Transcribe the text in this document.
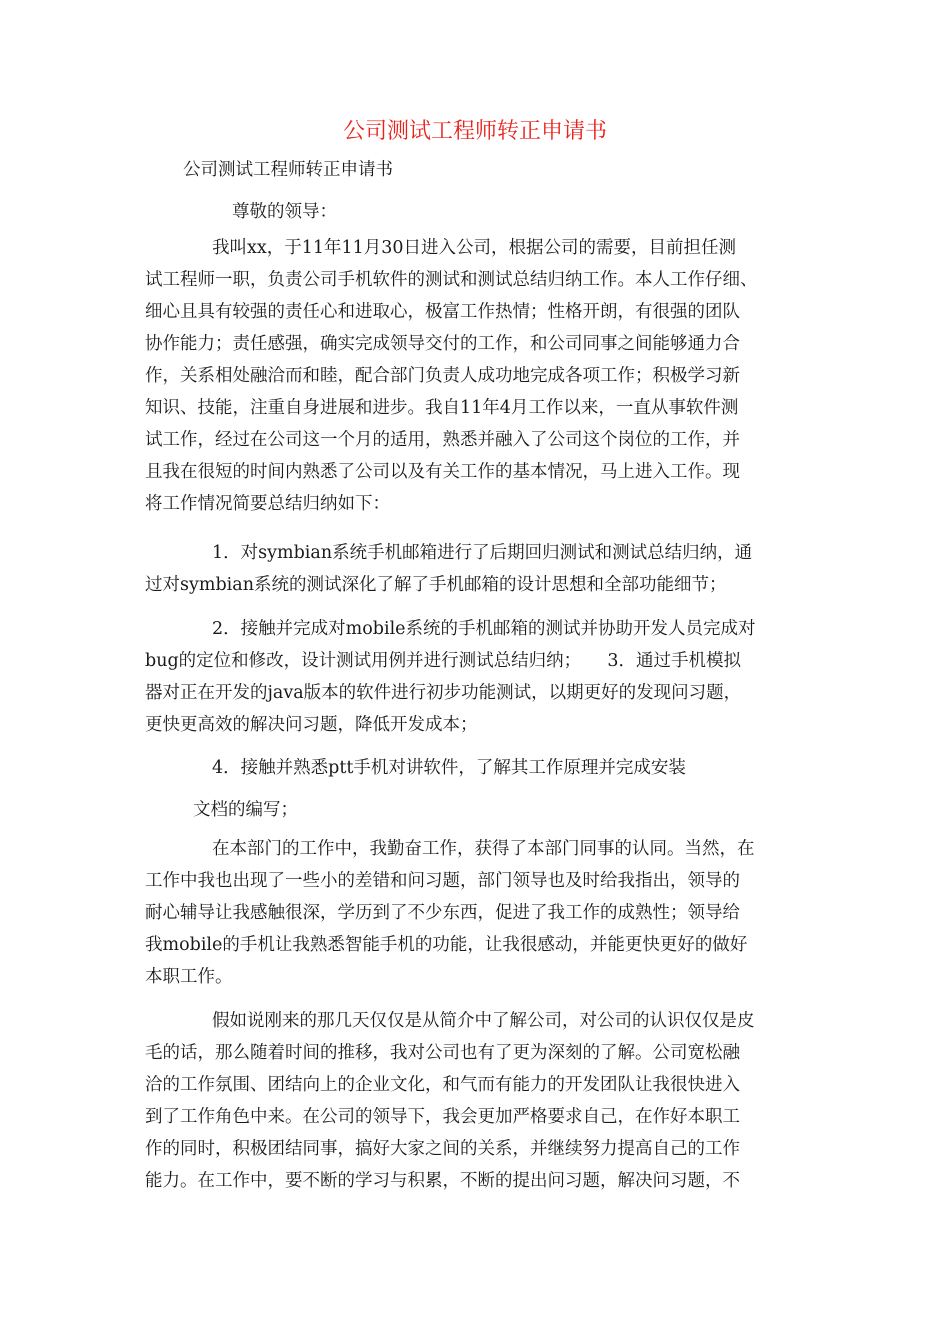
公司测试工程师转正申请书
公司测试工程师转正申请书
尊敬的领导：
我叫xx，于11年11月30日进入公司，根据公司的需要，目前担任测
试工程师一职，负责公司手机软件的测试和测试总结归纳工作。本人工作仔细、
细心且具有较强的责任心和进取心，极富工作热情；性格开朗，有很强的团队
协作能力；责任感强，确实完成领导交付的工作，和公司同事之间能够通力合
作，关系相处融洽而和睦，配合部门负责人成功地完成各项工作；积极学习新
知识、技能，注重自身进展和进步。我自11年4月工作以来，一直从事软件测
试工作，经过在公司这一个月的适用，熟悉并融入了公司这个岗位的工作，并
且我在很短的时间内熟悉了公司以及有关工作的基本情况，马上进入工作。现
将工作情况简要总结归纳如下：
1．对symbian系统手机邮箱进行了后期回归测试和测试总结归纳，通
过对symbian系统的测试深化了解了手机邮箱的设计思想和全部功能细节；
2．接触并完成对mobile系统的手机邮箱的测试并协助开发人员完成对
bug的定位和修改，设计测试用例并进行测试总结归纳；　　3．通过手机模拟
器对正在开发的java版本的软件进行初步功能测试，以期更好的发现问习题，
更快更高效的解决问习题，降低开发成本；
4．接触并熟悉ptt手机对讲软件，了解其工作原理并完成安装
文档的编写；
在本部门的工作中，我勤奋工作，获得了本部门同事的认同。当然，在
工作中我也出现了一些小的差错和问习题，部门领导也及时给我指出，领导的
耐心辅导让我感触很深，学历到了不少东西，促进了我工作的成熟性；领导给
我mobile的手机让我熟悉智能手机的功能，让我很感动，并能更快更好的做好
本职工作。
假如说刚来的那几天仅仅是从简介中了解公司，对公司的认识仅仅是皮
毛的话，那么随着时间的推移，我对公司也有了更为深刻的了解。公司宽松融
洽的工作氛围、团结向上的企业文化，和气而有能力的开发团队让我很快进入
到了工作角色中来。在公司的领导下，我会更加严格要求自己，在作好本职工
作的同时，积极团结同事，搞好大家之间的关系，并继续努力提高自己的工作
能力。在工作中，要不断的学习与积累，不断的提出问习题，解决问习题，不
